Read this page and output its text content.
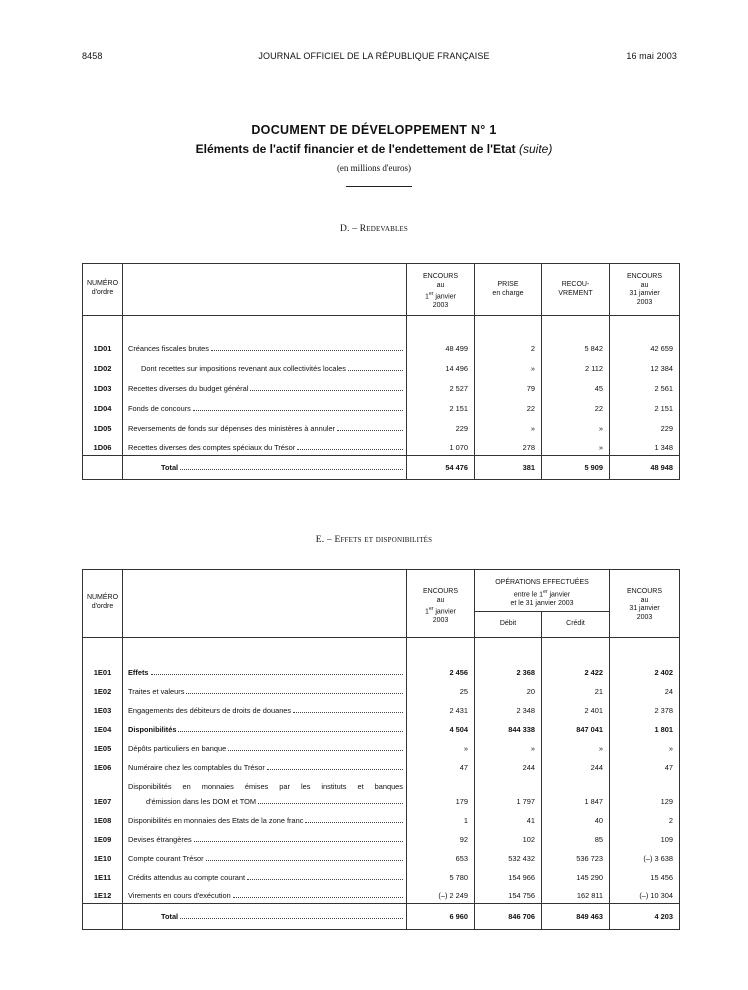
8458	JOURNAL OFFICIEL DE LA RÉPUBLIQUE FRANÇAISE	16 mai 2003
DOCUMENT DE DÉVELOPPEMENT N° 1
Eléments de l'actif financier et de l'endettement de l'Etat (suite)
(en millions d'euros)
D. – Redevables
NUMÉRO
d'ordre		ENCOURS
au
1er janvier
2003	PRISE
en charge	RECOU-
VREMENT	ENCOURS
au
31 janvier
2003
1D01	Créances fiscales brutes	48 499	2	5 842	42 659
1D02	Dont recettes sur impositions revenant aux collectivités locales	14 496	»	2 112	12 384
1D03	Recettes diverses du budget général	2 527	79	45	2 561
1D04	Fonds de concours	2 151	22	22	2 151
1D05	Reversements de fonds sur dépenses des ministères à annuler	229	»	»	229
1D06	Recettes diverses des comptes spéciaux du Trésor	1 070	278	»	1 348

	Total	54 476	381	5 909	48 948
E. – Effets et disponibilités
NUMÉRO
d'ordre		ENCOURS
au
1er janvier
2003	OPÉRATIONS EFFECTUÉES
entre le 1er janvier
et le 31 janvier 2003		ENCOURS
au
31 janvier
2003
			Débit	Crédit	
1E01	Effets	2 456	2 368	2 422	2 402
1E02	Traites et valeurs	25	20	21	24
1E03	Engagements des débiteurs de droits de douanes	2 431	2 348	2 401	2 378
1E04	Disponibilités	4 504	844 338	847 041	1 801
1E05	Dépôts particuliers en banque	»	»	»	»
1E06	Numéraire chez les comptables du Trésor	47	244	244	47
1E07	Disponibilités en monnaies émises par les instituts et banques
d'émission dans les DOM et TOM	179	1 797	1 847	129
1E08	Disponibilités en monnaies des Etats de la zone franc	1	41	40	2
1E09	Devises étrangères	92	102	85	109
1E10	Compte courant Trésor	653	532 432	536 723	(–) 3 638
1E11	Crédits attendus au compte courant	5 780	154 966	145 290	15 456
1E12	Virements en cours d'exécution	(–) 2 249	154 756	162 811	(–) 10 304

	Total	6 960	846 706	849 463	4 203
